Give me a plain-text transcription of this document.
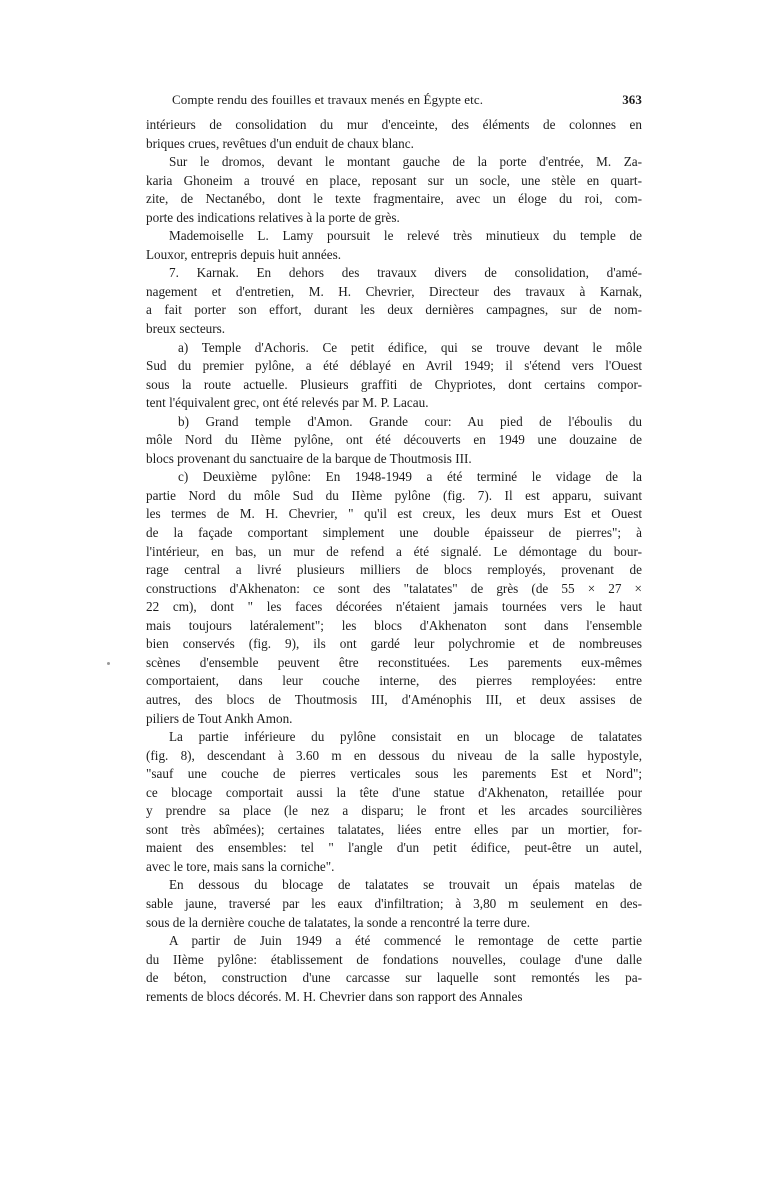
Compte rendu des fouilles et travaux menés en Égypte etc.	363
intérieurs de consolidation du mur d'enceinte, des éléments de colonnes en
briques crues, revêtues d'un enduit de chaux blanc.
Sur le dromos, devant le montant gauche de la porte d'entrée, M. Za-
karia Ghoneim a trouvé en place, reposant sur un socle, une stèle en quart-
zite, de Nectanébo, dont le texte fragmentaire, avec un éloge du roi, com-
porte des indications relatives à la porte de grès.
Mademoiselle L. Lamy poursuit le relevé très minutieux du temple de
Louxor, entrepris depuis huit années.
7. Karnak. En dehors des travaux divers de consolidation, d'amé-
nagement et d'entretien, M. H. Chevrier, Directeur des travaux à Karnak,
a fait porter son effort, durant les deux dernières campagnes, sur de nom-
breux secteurs.
a) Temple d'Achoris. Ce petit édifice, qui se trouve devant le môle
Sud du premier pylône, a été déblayé en Avril 1949; il s'étend vers l'Ouest
sous la route actuelle. Plusieurs graffiti de Chypriotes, dont certains compor-
tent l'équivalent grec, ont été relevés par M. P. Lacau.
b) Grand temple d'Amon. Grande cour: Au pied de l'éboulis du
môle Nord du IIème pylône, ont été découverts en 1949 une douzaine de
blocs provenant du sanctuaire de la barque de Thoutmosis III.
c) Deuxième pylône: En 1948-1949 a été terminé le vidage de la
partie Nord du môle Sud du IIème pylône (fig. 7). Il est apparu, suivant
les termes de M. H. Chevrier, " qu'il est creux, les deux murs Est et Ouest
de la façade comportant simplement une double épaisseur de pierres"; à
l'intérieur, en bas, un mur de refend a été signalé. Le démontage du bour-
rage central a livré plusieurs milliers de blocs remployés, provenant de
constructions d'Akhenaton: ce sont des "talatates" de grès (de 55 × 27 ×
22 cm), dont " les faces décorées n'étaient jamais tournées vers le haut
mais toujours latéralement"; les blocs d'Akhenaton sont dans l'ensemble
bien conservés (fig. 9), ils ont gardé leur polychromie et de nombreuses
scènes d'ensemble peuvent être reconstituées. Les parements eux-mêmes
comportaient, dans leur couche interne, des pierres remployées: entre
autres, des blocs de Thoutmosis III, d'Aménophis III, et deux assises de
piliers de Tout Ankh Amon.
La partie inférieure du pylône consistait en un blocage de talatates
(fig. 8), descendant à 3.60 m en dessous du niveau de la salle hypostyle,
"sauf une couche de pierres verticales sous les parements Est et Nord";
ce blocage comportait aussi la tête d'une statue d'Akhenaton, retaillée pour
y prendre sa place (le nez a disparu; le front et les arcades sourcilières
sont très abîmées); certaines talatates, liées entre elles par un mortier, for-
maient des ensembles: tel " l'angle d'un petit édifice, peut-être un autel,
avec le tore, mais sans la corniche".
En dessous du blocage de talatates se trouvait un épais matelas de
sable jaune, traversé par les eaux d'infiltration; à 3,80 m seulement en des-
sous de la dernière couche de talatates, la sonde a rencontré la terre dure.
A partir de Juin 1949 a été commencé le remontage de cette partie
du IIème pylône: établissement de fondations nouvelles, coulage d'une dalle
de béton, construction d'une carcasse sur laquelle sont remontés les pa-
rements de blocs décorés. M. H. Chevrier dans son rapport des Annales
